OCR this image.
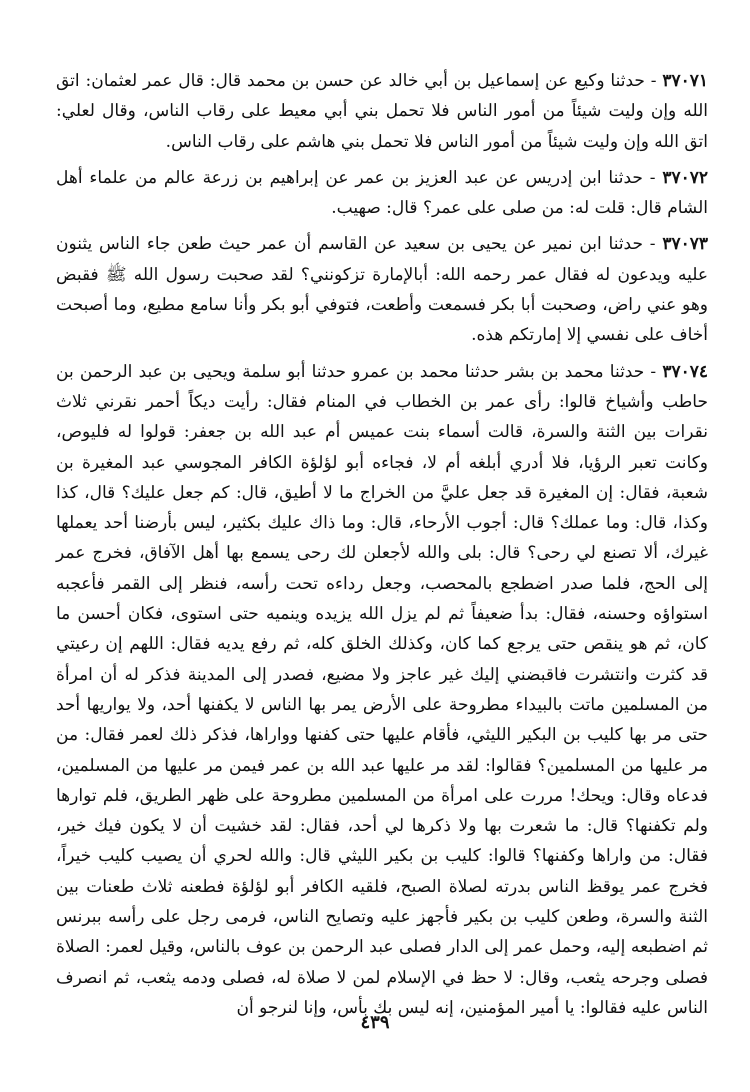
٣٧٠٧١ - حدثنا وكيع عن إسماعيل بن أبي خالد عن حسن بن محمد قال: قال عمر لعثمان: اتق الله وإن وليت شيئاً من أمور الناس فلا تحمل بني أبي معيط على رقاب الناس، وقال لعلي: اتق الله وإن وليت شيئاً من أمور الناس فلا تحمل بني هاشم على رقاب الناس.

٣٧٠٧٢ - حدثنا ابن إدريس عن عبد العزيز بن عمر عن إبراهيم بن زرعة عالم من علماء أهل الشام قال: قلت له: من صلى على عمر؟ قال: صهيب.

٣٧٠٧٣ - حدثنا ابن نمير عن يحيى بن سعيد عن القاسم أن عمر حيث طعن جاء الناس يثنون عليه ويدعون له فقال عمر رحمه الله: أبالإمارة تزكونني؟ لقد صحبت رسول الله ﷺ فقبض وهو عني راض، وصحبت أبا بكر فسمعت وأطعت، فتوفي أبو بكر وأنا سامع مطيع، وما أصبحت أخاف على نفسي إلا إمارتكم هذه.

٣٧٠٧٤ - حدثنا محمد بن بشر حدثنا محمد بن عمرو حدثنا أبو سلمة ويحيى بن عبد الرحمن بن حاطب وأشياخ قالوا: رأى عمر بن الخطاب في المنام فقال: رأيت ديكاً أحمر نقرني ثلاث نقرات بين الثنة والسرة، قالت أسماء بنت عميس أم عبد الله بن جعفر: قولوا له فليوص، وكانت تعبر الرؤيا، فلا أدري أبلغه أم لا، فجاءه أبو لؤلؤة الكافر المجوسي عبد المغيرة بن شعبة، فقال: إن المغيرة قد جعل عليَّ من الخراج ما لا أطيق، قال: كم جعل عليك؟ قال، كذا وكذا، قال: وما عملك؟ قال: أجوب الأرحاء، قال: وما ذاك عليك بكثير، ليس بأرضنا أحد يعملها غيرك، ألا تصنع لي رحى؟ قال: بلى والله لأجعلن لك رحى يسمع بها أهل الآفاق، فخرج عمر إلى الحج، فلما صدر اضطجع بالمحصب، وجعل رداءه تحت رأسه، فنظر إلى القمر فأعجبه استواؤه وحسنه، فقال: بدأ ضعيفاً ثم لم يزل الله يزيده وينميه حتى استوى، فكان أحسن ما كان، ثم هو ينقص حتى يرجع كما كان، وكذلك الخلق كله، ثم رفع يديه فقال: اللهم إن رعيتي قد كثرت وانتشرت فاقبضني إليك غير عاجز ولا مضيع، فصدر إلى المدينة فذكر له أن امرأة من المسلمين ماتت بالبيداء مطروحة على الأرض يمر بها الناس لا يكفنها أحد، ولا يواريها أحد حتى مر بها كليب بن البكير الليثي، فأقام عليها حتى كفنها وواراها، فذكر ذلك لعمر فقال: من مر عليها من المسلمين؟ فقالوا: لقد مر عليها عبد الله بن عمر فيمن مر عليها من المسلمين، فدعاه وقال: ويحك! مررت على امرأة من المسلمين مطروحة على ظهر الطريق، فلم توارها ولم تكفنها؟ قال: ما شعرت بها ولا ذكرها لي أحد، فقال: لقد خشيت أن لا يكون فيك خير، فقال: من واراها وكفنها؟ قالوا: كليب بن بكير الليثي قال: والله لحري أن يصيب كليب خيراً، فخرج عمر يوقظ الناس بدرته لصلاة الصبح، فلقيه الكافر أبو لؤلؤة فطعنه ثلاث طعنات بين الثنة والسرة، وطعن كليب بن بكير فأجهز عليه وتصايح الناس، فرمى رجل على رأسه ببرنس ثم اضطبعه إليه، وحمل عمر إلى الدار فصلى عبد الرحمن بن عوف بالناس، وقيل لعمر: الصلاة فصلى وجرحه يثعب، وقال: لا حظ في الإسلام لمن لا صلاة له، فصلى ودمه يثعب، ثم انصرف الناس عليه فقالوا: يا أمير المؤمنين، إنه ليس بك بأس، وإنا لنرجو أن

٤٣٩
